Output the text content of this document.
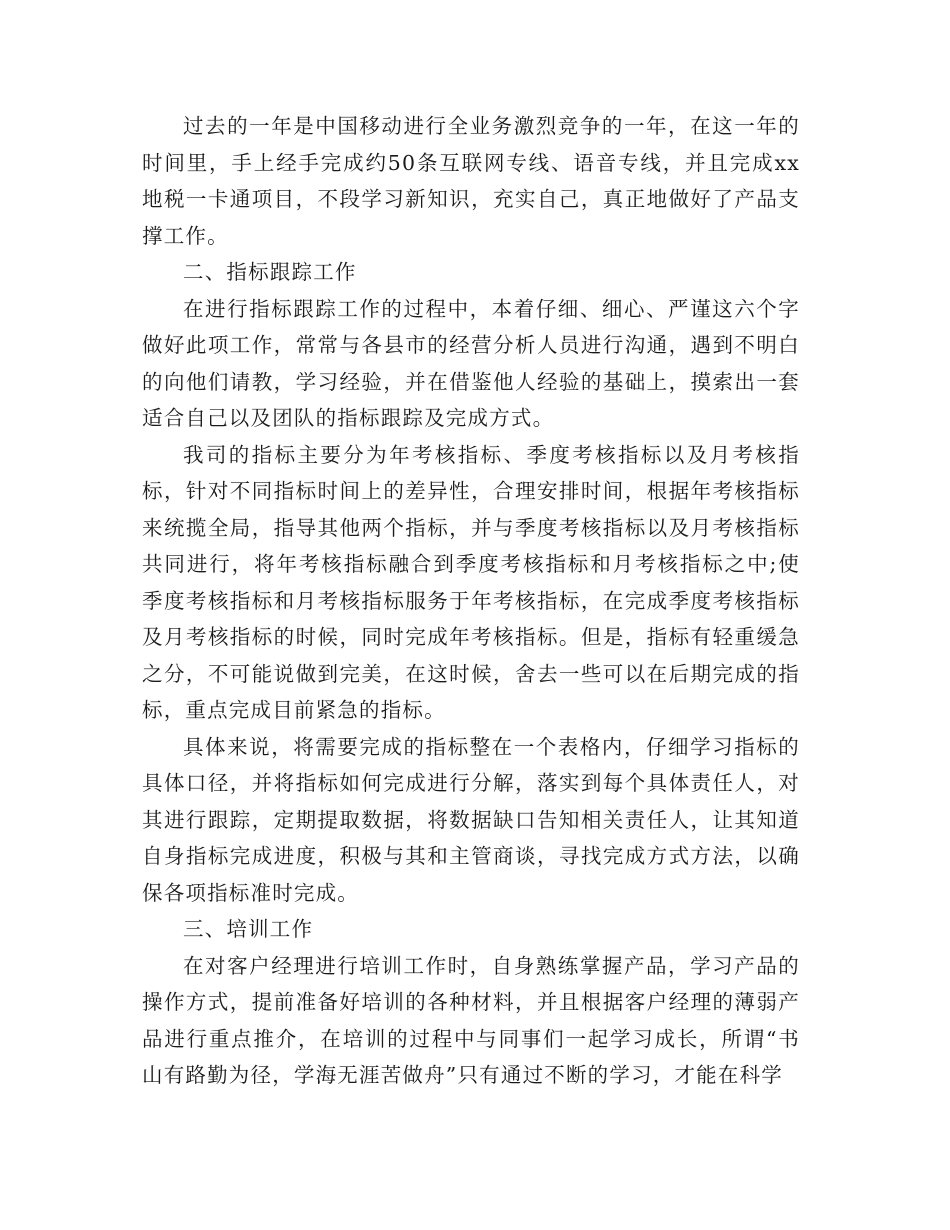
过去的一年是中国移动进行全业务激烈竞争的一年，在这一年的时间里，手上经手完成约50条互联网专线、语音专线，并且完成xx地税一卡通项目，不段学习新知识，充实自己，真正地做好了产品支撑工作。

二、指标跟踪工作

在进行指标跟踪工作的过程中，本着仔细、细心、严谨这六个字做好此项工作，常常与各县市的经营分析人员进行沟通，遇到不明白的向他们请教，学习经验，并在借鉴他人经验的基础上，摸索出一套适合自己以及团队的指标跟踪及完成方式。

我司的指标主要分为年考核指标、季度考核指标以及月考核指标，针对不同指标时间上的差异性，合理安排时间，根据年考核指标来统揽全局，指导其他两个指标，并与季度考核指标以及月考核指标共同进行，将年考核指标融合到季度考核指标和月考核指标之中;使季度考核指标和月考核指标服务于年考核指标，在完成季度考核指标及月考核指标的时候，同时完成年考核指标。但是，指标有轻重缓急之分，不可能说做到完美，在这时候，舍去一些可以在后期完成的指标，重点完成目前紧急的指标。

具体来说，将需要完成的指标整在一个表格内，仔细学习指标的具体口径，并将指标如何完成进行分解，落实到每个具体责任人，对其进行跟踪，定期提取数据，将数据缺口告知相关责任人，让其知道自身指标完成进度，积极与其和主管商谈，寻找完成方式方法，以确保各项指标准时完成。

三、培训工作

在对客户经理进行培训工作时，自身熟练掌握产品，学习产品的操作方式，提前准备好培训的各种材料，并且根据客户经理的薄弱产品进行重点推介，在培训的过程中与同事们一起学习成长，所谓“书山有路勤为径，学海无涯苦做舟”只有通过不断的学习，才能在科学
